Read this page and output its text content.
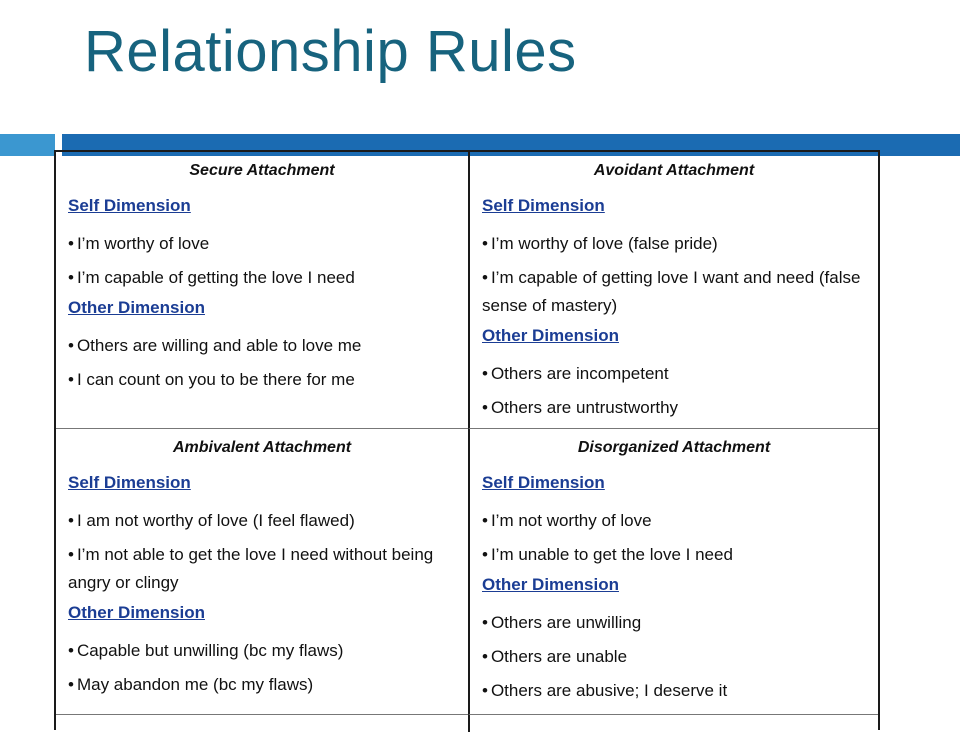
Relationship Rules
Secure Attachment
Self Dimension
• I’m worthy of love
• I’m capable of getting the love I need
Other Dimension
• Others are willing and able to love me
• I can count on you to be there for me
Avoidant Attachment
Self Dimension
• I’m worthy of love (false pride)
• I’m capable of getting love I want and need (false sense of mastery)
Other Dimension
• Others are incompetent
• Others are untrustworthy
Ambivalent Attachment
Self Dimension
• I am not worthy of love (I feel flawed)
• I’m not able to get the love I need without being angry or clingy
Other Dimension
• Capable but unwilling (bc my flaws)
• May abandon me (bc my flaws)
Disorganized Attachment
Self Dimension
• I’m not worthy of love
• I’m unable to get the love I need
Other Dimension
• Others are unwilling
• Others are unable
• Others are abusive; I deserve it
